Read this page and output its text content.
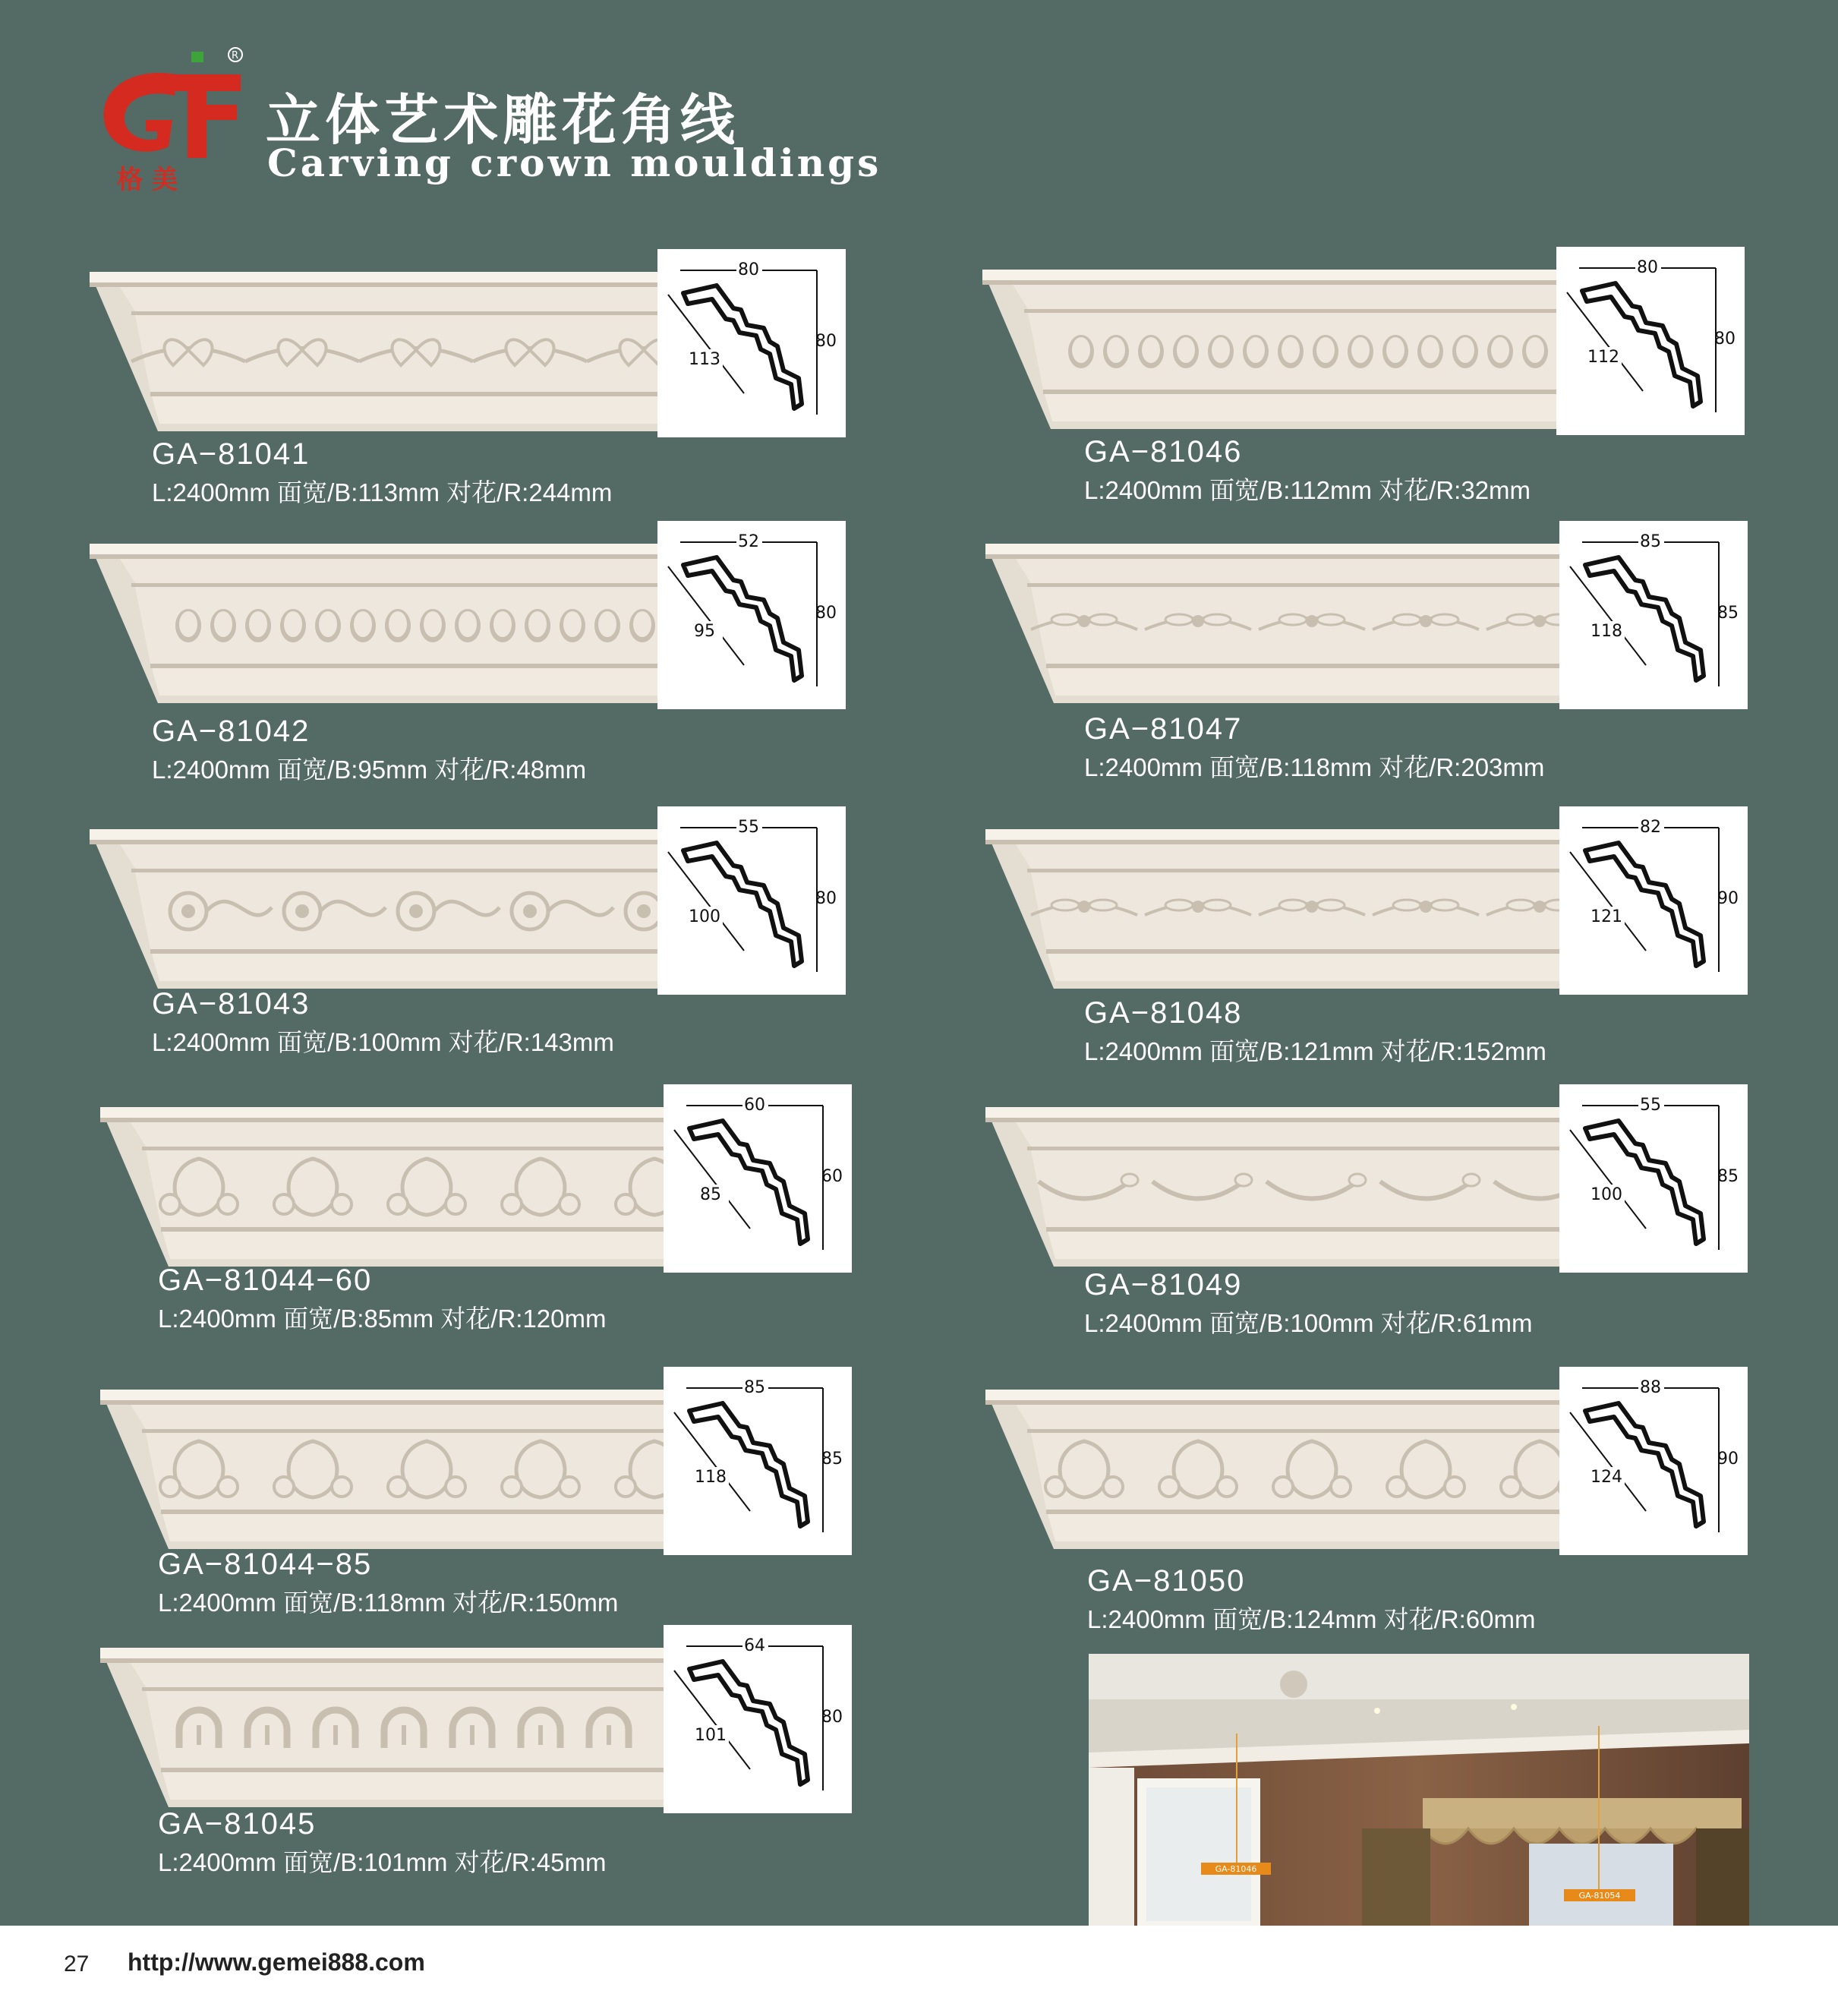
R
格 美
立体艺术雕花角线
Carving crown mouldings
80
80
113
GA−81041
L:2400mm 面宽/B:113mm 对花/R:244mm
52
80
95
GA−81042
L:2400mm 面宽/B:95mm 对花/R:48mm
55
80
100
GA−81043
L:2400mm 面宽/B:100mm 对花/R:143mm
60
60
85
GA−81044−60
L:2400mm 面宽/B:85mm 对花/R:120mm
85
85
118
GA−81044−85
L:2400mm 面宽/B:118mm 对花/R:150mm
64
80
101
GA−81045
L:2400mm 面宽/B:101mm 对花/R:45mm
80
80
112
GA−81046
L:2400mm 面宽/B:112mm 对花/R:32mm
85
85
118
GA−81047
L:2400mm 面宽/B:118mm 对花/R:203mm
82
90
121
GA−81048
L:2400mm 面宽/B:121mm 对花/R:152mm
55
85
100
GA−81049
L:2400mm 面宽/B:100mm 对花/R:61mm
88
90
124
GA−81050
L:2400mm 面宽/B:124mm 对花/R:60mm
GA-81046
GA-81054
27 http://www.gemei888.com
